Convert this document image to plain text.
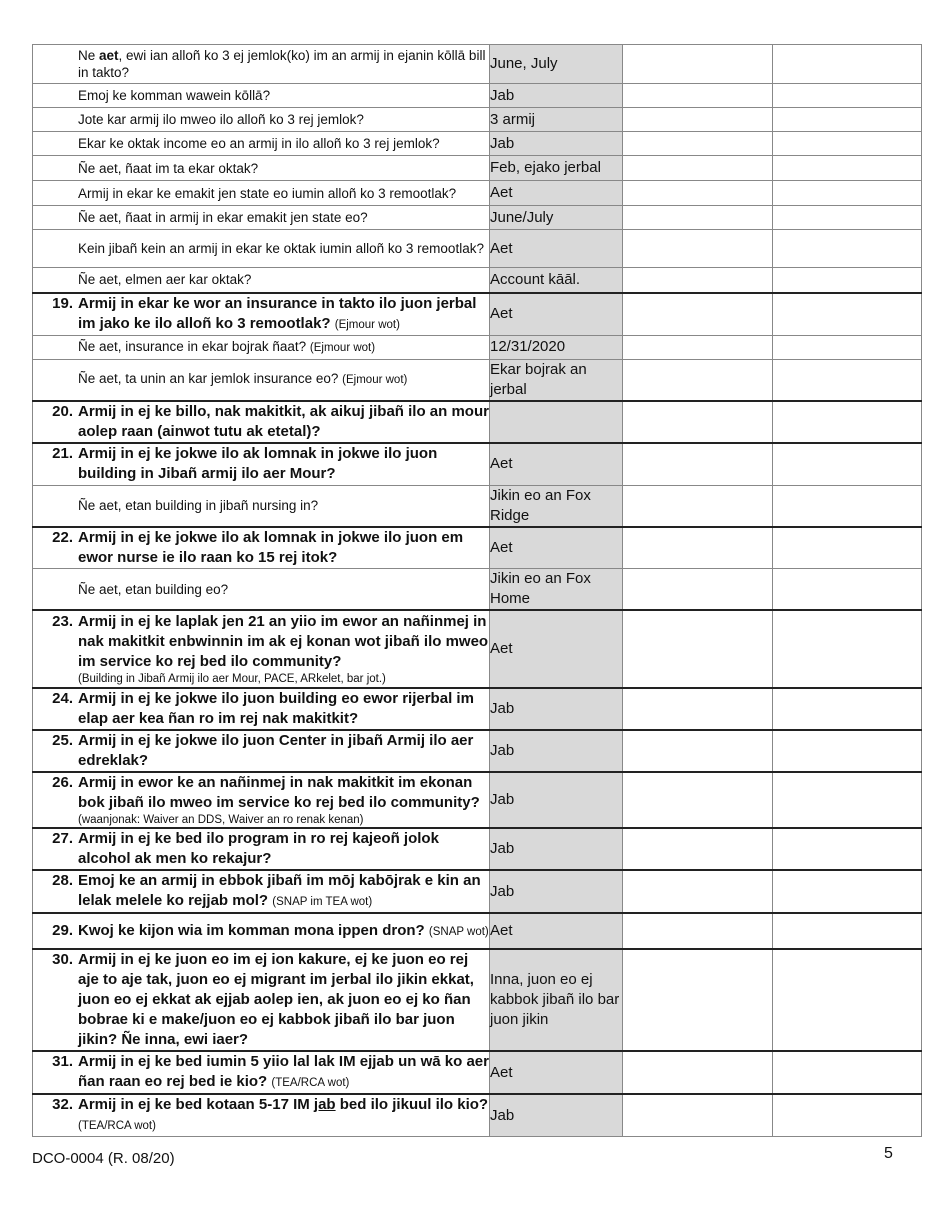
Ne aet, ewi ian alloñ ko 3 ej jemlok(ko) im an armij in ejanin kōllā bill in takto?	June, July		

Emoj ke komman wawein kōllā?	Jab		

Jote kar armij ilo mweo ilo alloñ ko 3 rej jemlok?	3 armij		

Ekar ke oktak income eo an armij in ilo alloñ ko 3 rej jemlok?	Jab		

Ñe aet, ñaat im ta ekar oktak?	Feb, ejako jerbal		

Armij in ekar ke emakit jen state eo iumin alloñ ko 3 remootlak?	Aet		

Ñe aet, ñaat in armij in ekar emakit jen state eo?	June/July		

Kein jibañ kein an armij in ekar ke oktak iumin alloñ ko 3 remootlak?	Aet		

Ñe aet, elmen aer kar oktak?	Account kāāl.		

19. Armij in ekar ke wor an insurance in takto ilo juon jerbal im jako ke ilo alloñ ko 3 remootlak? (Ejmour wot)	Aet		

Ñe aet, insurance in ekar bojrak ñaat? (Ejmour wot)	12/31/2020		

Ñe aet, ta unin an kar jemlok insurance eo? (Ejmour wot)	Ekar bojrak an jerbal		

20. Armij in ej ke billo, nak makitkit, ak aikuj jibañ ilo an mour aolep raan (ainwot tutu ak etetal)?			

21. Armij in ej ke jokwe ilo ak lomnak in jokwe ilo juon building in Jibañ armij ilo aer Mour?	Aet		

Ñe aet, etan building in jibañ nursing in?	Jikin eo an Fox Ridge		

22. Armij in ej ke jokwe ilo ak lomnak in jokwe ilo juon em ewor nurse ie ilo raan ko 15 rej itok?	Aet		

Ñe aet, etan building eo?	Jikin eo an Fox Home		

23. Armij in ej ke laplak jen 21 an yiio im ewor an nañinmej in nak makitkit enbwinnin im ak ej konan wot jibañ ilo mweo im service ko rej bed ilo community?
(Building in Jibañ Armij ilo aer Mour, PACE, ARkelet, bar jot.)	Aet		

24. Armij in ej ke jokwe ilo juon building eo ewor rijerbal im elap aer kea ñan ro im rej nak makitkit?	Jab		

25. Armij in ej ke jokwe ilo juon Center in jibañ Armij ilo aer edreklak?	Jab		

26. Armij in ewor ke an nañinmej in nak makitkit im ekonan bok jibañ ilo mweo im service ko rej bed ilo community?
(waanjonak: Waiver an DDS, Waiver an ro renak kenan)	Jab		

27. Armij in ej ke bed ilo program in ro rej kajeoñ jolok alcohol ak men ko rekajur?	Jab		

28. Emoj ke an armij in ebbok jibañ im mōj kabōjrak e kin an lelak melele ko rejjab mol? (SNAP im TEA wot)	Jab		

29. Kwoj ke kijon wia im komman mona ippen dron? (SNAP wot)	Aet		

30. Armij in ej ke juon eo im ej ion kakure, ej ke juon eo rej aje to aje tak, juon eo ej migrant im jerbal ilo jikin ekkat, juon eo ej ekkat ak ejjab aolep ien, ak juon eo ej ko ñan bobrae ki e make/juon eo ej kabbok jibañ ilo bar juon jikin? Ñe inna, ewi iaer?	Inna, juon eo ej kabbok jibañ ilo bar juon jikin		

31. Armij in ej ke bed iumin 5 yiio lal lak IM ejjab un wā ko aer ñan raan eo rej bed ie kio? (TEA/RCA wot)	Aet		

32. Armij in ej ke bed kotaan 5-17 IM jab bed ilo jikuul ilo kio? (TEA/RCA wot)	Jab		
DCO-0004 (R. 08/20)	5
